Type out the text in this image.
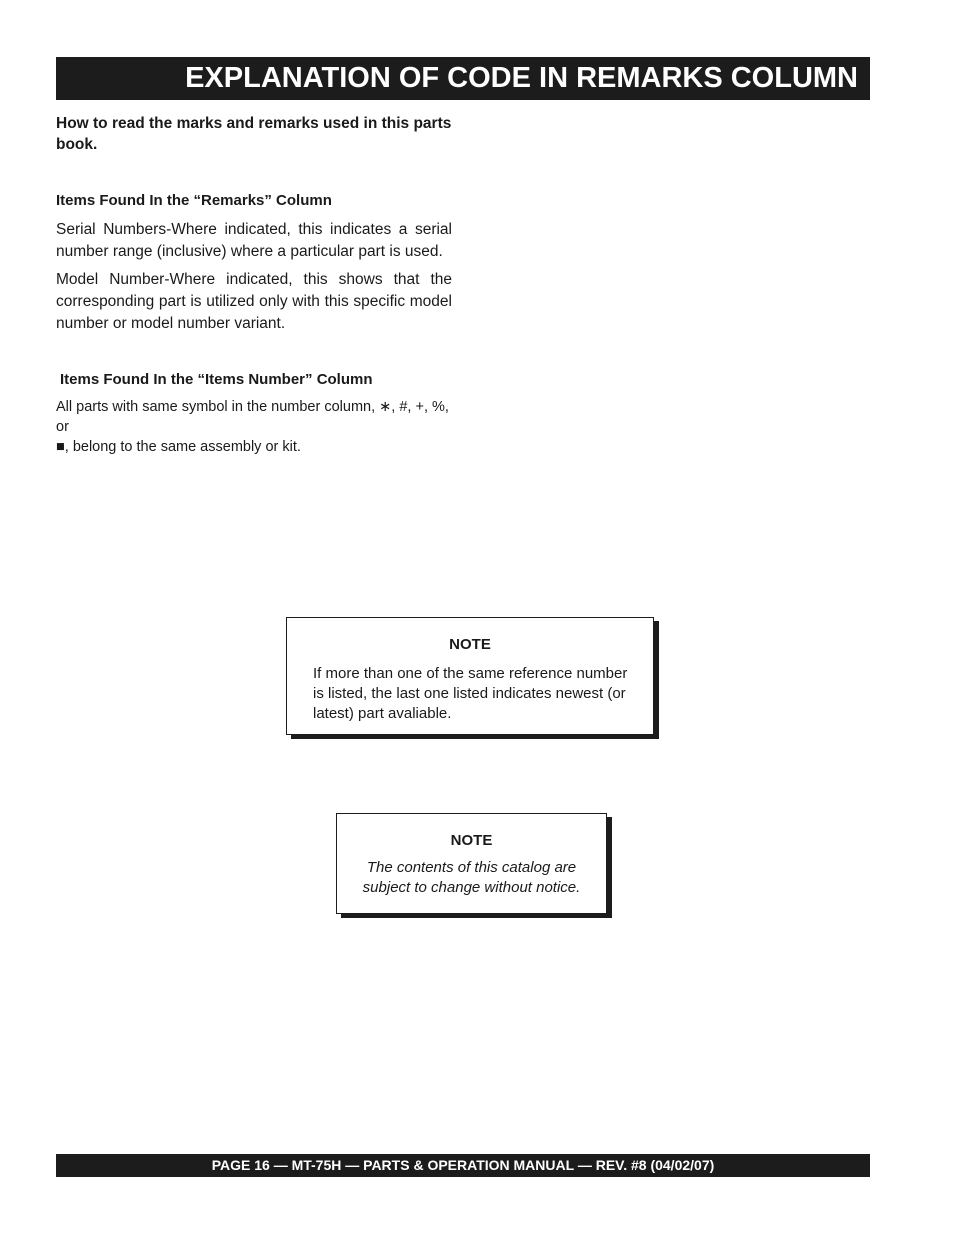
EXPLANATION OF CODE IN REMARKS COLUMN
How to read the marks and remarks used in this parts book.
Items Found In the “Remarks” Column

Serial Numbers-Where indicated, this indicates a serial number range (inclusive) where a particular part is used.

Model Number-Where indicated, this shows that the corresponding part is utilized only with this specific model number or model number variant.

Items Found In the “Items Number” Column

All parts with same symbol in the number column, ∗, #, +, %, or
■, belong to the same assembly or kit.

NOTE
If more than one of the same reference number is listed, the last one listed indicates newest (or latest) part avaliable.
NOTE
The contents of this catalog are subject to change without notice.
PAGE 16 — MT-75H — PARTS & OPERATION MANUAL — REV. #8 (04/02/07)
